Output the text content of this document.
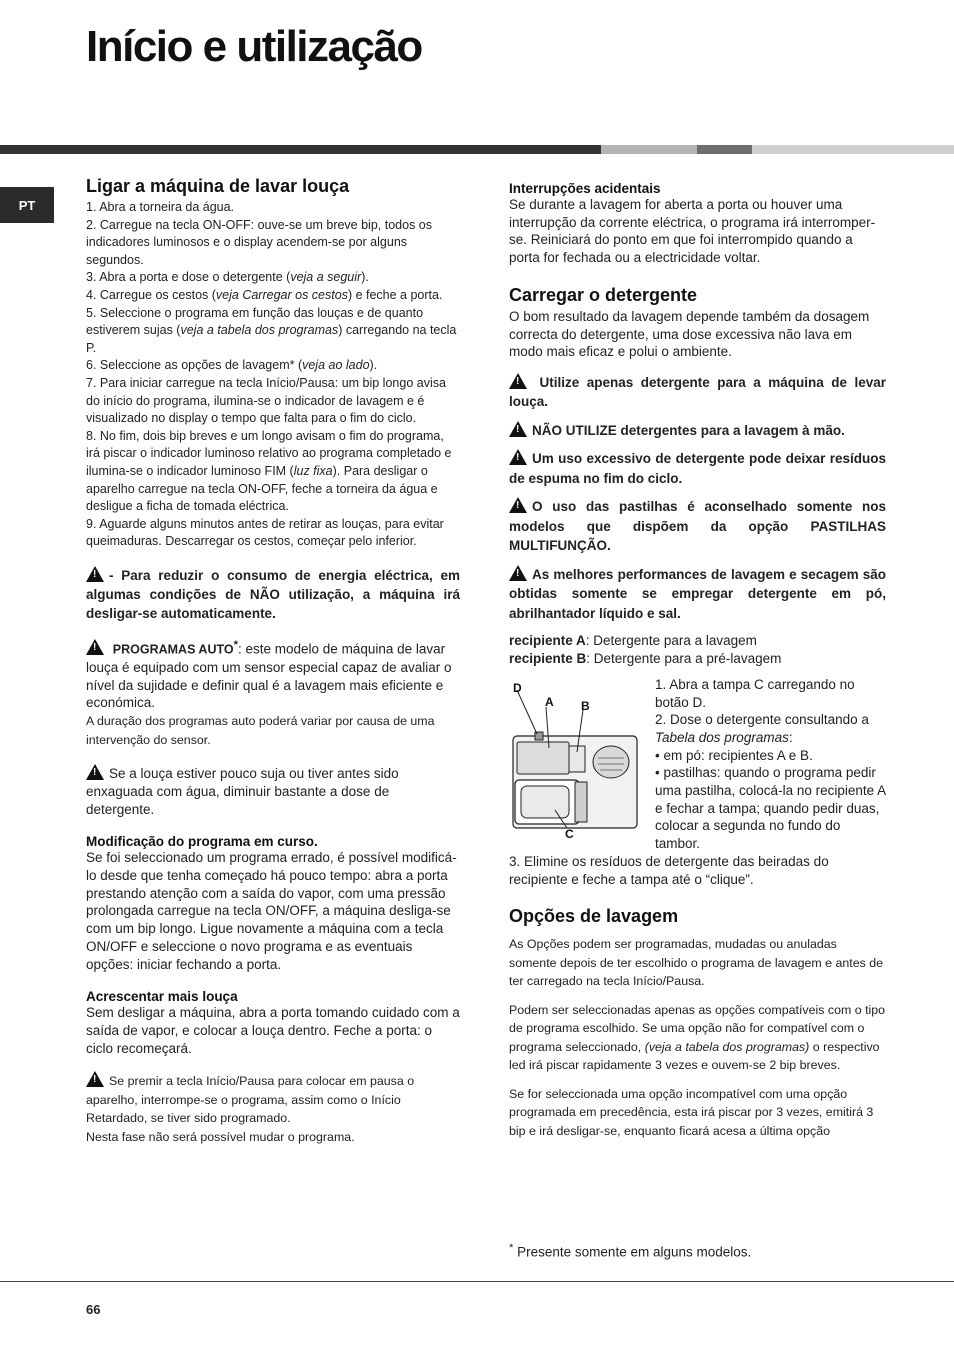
Início e utilização
PT
Ligar a máquina de lavar louça

1. Abra a torneira da água.

2. Carregue na tecla ON-OFF: ouve-se um breve bip, todos os indicadores luminosos e o display acendem-se por alguns segundos.

3. Abra a porta e dose o detergente (veja a seguir).

4. Carregue os cestos (veja Carregar os cestos) e feche a porta.

5. Seleccione o programa em função das louças e de quanto estiverem sujas (veja a tabela dos programas) carregando na tecla P.

6. Seleccione as opções de lavagem* (veja ao lado).

7. Para iniciar carregue na tecla Início/Pausa: um bip longo avisa do início do programa, ilumina-se o indicador de lavagem e é visualizado no display o tempo que falta para o fim do ciclo.

8. No fim, dois bip breves e um longo avisam o fim do programa, irá piscar o indicador luminoso relativo ao programa completado e ilumina-se o indicador luminoso FIM (luz fixa). Para desligar o aparelho carregue na tecla ON-OFF, feche a torneira da água e desligue a ficha de tomada eléctrica.

9. Aguarde alguns minutos antes de retirar as louças, para evitar queimaduras. Descarregar os cestos, começar pelo inferior.

!- Para reduzir o consumo de energia eléctrica, em algumas condições de NÃO utilização, a máquina irá desligar-se automaticamente.

! PROGRAMAS AUTO*: este modelo de máquina de lavar louça é equipado com um sensor especial capaz de avaliar o nível da sujidade e definir qual é a lavagem mais eficiente e económica.

A duração dos programas auto poderá variar por causa de uma intervenção do sensor.

!Se a louça estiver pouco suja ou tiver antes sido enxaguada com água, diminuir bastante a dose de detergente.

Modificação do programa em curso.

Se foi seleccionado um programa errado, é possível modificá-lo desde que tenha começado há pouco tempo: abra a porta prestando atenção com a saída do vapor, com uma pressão prolongada carregue na tecla ON/OFF, a máquina desliga-se com um bip longo. Ligue novamente a máquina com a tecla ON/OFF e seleccione o novo programa e as eventuais opções: iniciar fechando a porta.

Acrescentar mais louça

Sem desligar a máquina, abra a porta tomando cuidado com a saída de vapor, e colocar a louça dentro. Feche a porta: o ciclo recomeçará.

!Se premir a tecla Início/Pausa para colocar em pausa o aparelho, interrompe-se o programa, assim como o Início Retardado, se tiver sido programado.

Nesta fase não será possível mudar o programa.

Interrupções acidentais

Se durante a lavagem for aberta a porta ou houver uma interrupção da corrente eléctrica, o programa irá interromper-se. Reiniciará do ponto em que foi interrompido quando a porta for fechada ou a electricidade voltar.

Carregar o detergente

O bom resultado da lavagem depende também da dosagem correcta do detergente, uma dose excessiva não lava em modo mais eficaz e polui o ambiente.

! Utilize apenas detergente para a máquina de levar louça.

!NÃO UTILIZE detergentes para a lavagem à mão.

!Um uso excessivo de detergente pode deixar resíduos de espuma no fim do ciclo.

!O uso das pastilhas é aconselhado somente nos modelos que dispõem da opção PASTILHAS MULTIFUNÇÃO.

!As melhores performances de lavagem e secagem são obtidas somente se empregar detergente em pó, abrilhantador líquido e sal.

recipiente A: Detergente para a lavagem

recipiente B: Detergente para a pré-lavagem

D
A B
C

1. Abra a tampa C carregando no botão D.

2. Dose o detergente consultando a Tabela dos programas:

• em pó: recipientes A e B.

• pastilhas: quando o programa pedir uma pastilha, colocá-la no recipiente A e fechar a tampa; quando pedir duas, colocar a segunda no fundo do tambor.

3. Elimine os resíduos de detergente das beiradas do recipiente e feche a tampa até o “clique”.

Opções de lavagem

As Opções podem ser programadas, mudadas ou anuladas somente depois de ter escolhido o programa de lavagem e antes de ter carregado na tecla Início/Pausa.

Podem ser seleccionadas apenas as opções compatíveis com o tipo de programa escolhido. Se uma opção não for compatível com o programa seleccionado, (veja a tabela dos programas) o respectivo led irá piscar rapidamente 3 vezes e ouvem-se 2 bip breves.

Se for seleccionada uma opção incompatível com uma opção programada em precedência, esta irá piscar por 3 vezes, emitirá 3 bip e irá desligar-se, enquanto ficará acesa a última opção

* Presente somente em alguns modelos.
66
